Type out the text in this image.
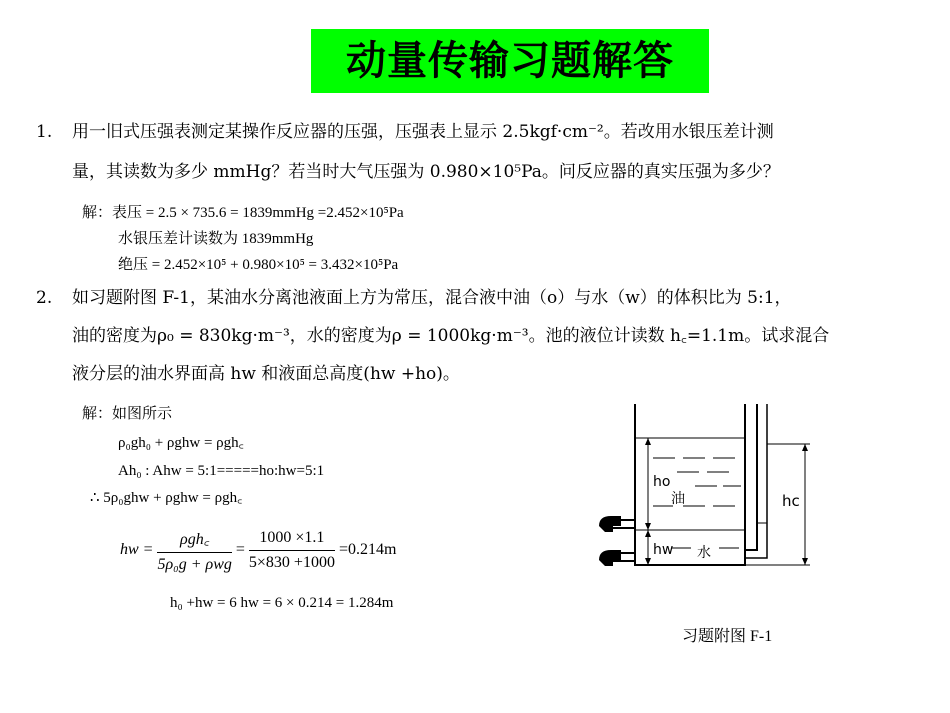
动量传输习题解答
1.	用一旧式压强表测定某操作反应器的压强，压强表上显示 2.5kgf·cm⁻²。若改用水银压差计测
量，其读数为多少 mmHg？若当时大气压强为 0.980×10⁵Pa。问反应器的真实压强为多少？
解：表压 = 2.5 × 735.6 = 1839mmHg =2.452×10⁵Pa
水银压差计读数为 1839mmHg
绝压 = 2.452×10⁵ + 0.980×10⁵ = 3.432×10⁵Pa
2.	如习题附图 F-1，某油水分离池液面上方为常压，混合液中油（o）与水（w）的体积比为 5:1，
油的密度为ρ₀ = 830kg·m⁻³，水的密度为ρ = 1000kg·m⁻³。池的液位计读数 h꜀=1.1m。试求混合
液分层的油水界面高 hw 和液面总高度(hw +ho)。
解：如图所示
ρ₀gh₀ + ρghw = ρgh꜀
Ah₀ : Ahw = 5:1=====ho:hw=5:1
∴ 5ρ₀ghw + ρghw = ρgh꜀
hw = $\frac{\text{ρgh꜀}}{\text{5ρ₀g + ρwg}} = \frac{1000 \times 1.1}{5\times 830 +1000} =0.214m$
h₀ +hw = 6 hw = 6 × 0.214 = 1.284m
ho
油
hw 水
hc
习题附图 F-1
